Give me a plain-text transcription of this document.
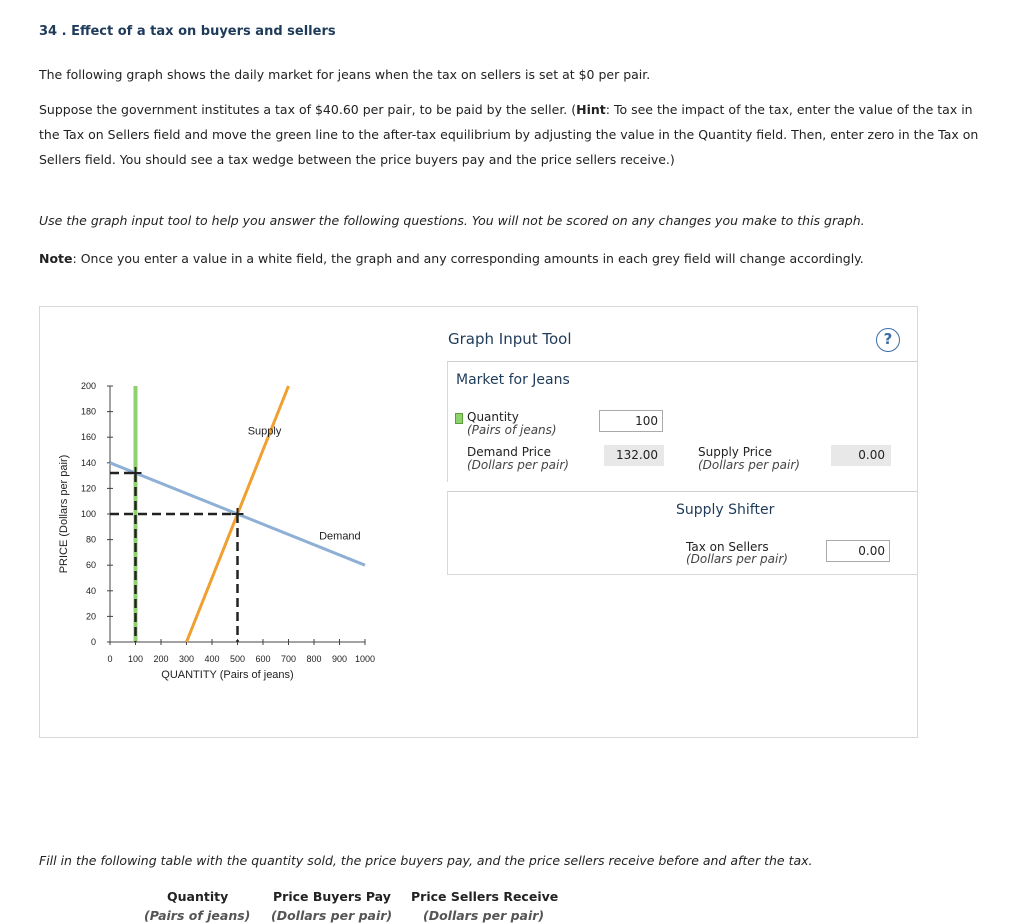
34 . Effect of a tax on buyers and sellers
The following graph shows the daily market for jeans when the tax on sellers is set at $0 per pair.
Suppose the government institutes a tax of $40.60 per pair, to be paid by the seller. (Hint: To see the impact of the tax, enter the value of the tax in the Tax on Sellers field and move the green line to the after-tax equilibrium by adjusting the value in the Quantity field. Then, enter zero in the Tax on Sellers field. You should see a tax wedge between the price buyers pay and the price sellers receive.)
Use the graph input tool to help you answer the following questions. You will not be scored on any changes you make to this graph.
Note: Once you enter a value in a white field, the graph and any corresponding amounts in each grey field will change accordingly.
0 100 200 300 400 500 600 700 800 900 1000
0
20
40
60
80
100
120
140
160
180
200
PRICE (Dollars per pair)
QUANTITY (Pairs of jeans)
Supply
Demand
Graph Input Tool	?
Market for Jeans
Quantity
(Pairs of jeans)
100
Demand Price
(Dollars per pair)
132.00	Supply Price
(Dollars per pair)
0.00
Supply Shifter
Tax on Sellers
(Dollars per pair)
0.00
Fill in the following table with the quantity sold, the price buyers pay, and the price sellers receive before and after the tax.
Quantity
(Pairs of jeans)
Price Buyers Pay
(Dollars per pair)
Price Sellers Receive
(Dollars per pair)
